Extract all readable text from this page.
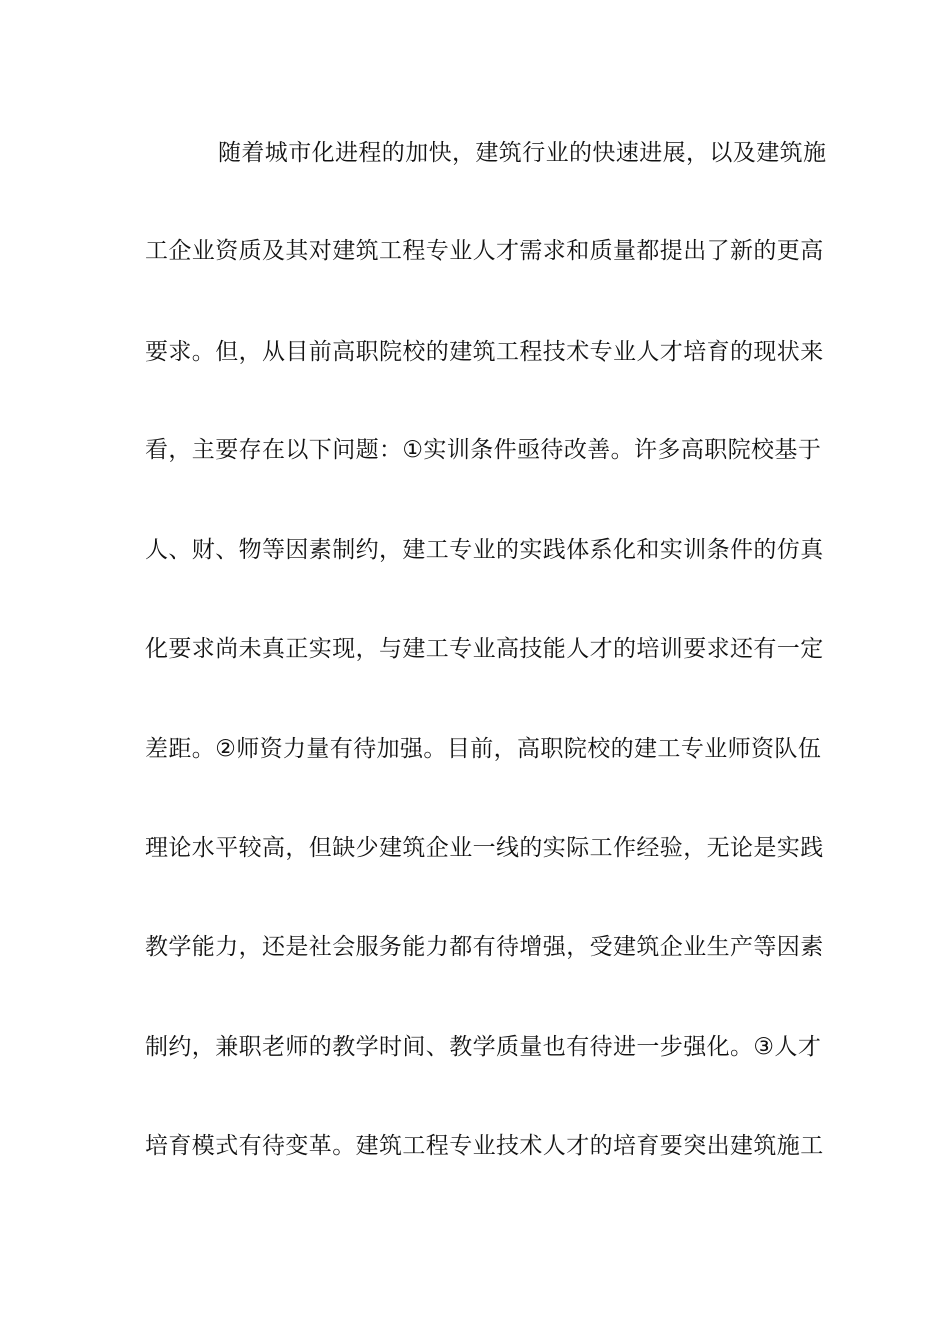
随着城市化进程的加快，建筑行业的快速进展，以及建筑施
工企业资质及其对建筑工程专业人才需求和质量都提出了新的更高
要求。但，从目前高职院校的建筑工程技术专业人才培育的现状来
看，主要存在以下问题：①实训条件亟待改善。许多高职院校基于
人、财、物等因素制约，建工专业的实践体系化和实训条件的仿真
化要求尚未真正实现，与建工专业高技能人才的培训要求还有一定
差距。②师资力量有待加强。目前，高职院校的建工专业师资队伍
理论水平较高，但缺少建筑企业一线的实际工作经验，无论是实践
教学能力，还是社会服务能力都有待增强，受建筑企业生产等因素
制约，兼职老师的教学时间、教学质量也有待进一步强化。③人才
培育模式有待变革。建筑工程专业技术人才的培育要突出建筑施工
